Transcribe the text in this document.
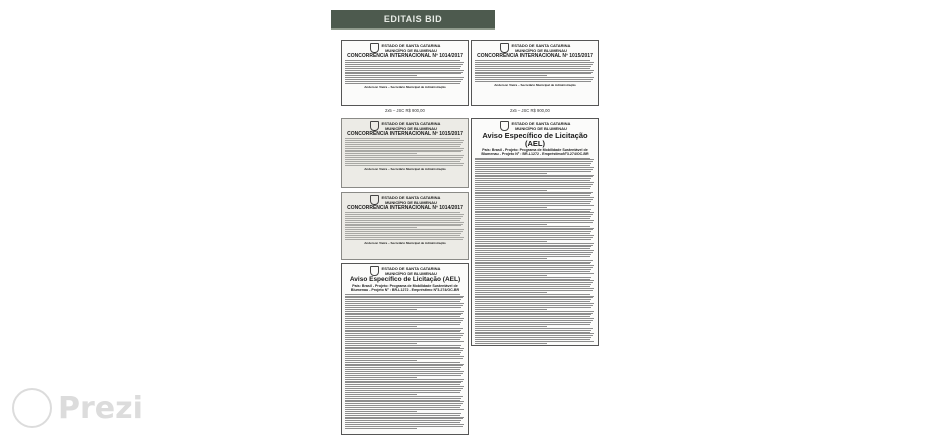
EDITAIS BID
ESTADO DE SANTA CATARINA
MUNICÍPIO DE BLUMENAU
CONCORRÊNCIA INTERNACIONAL Nº 1014/2017
Anderson Vieira – Secretário Municipal de Administração
ESTADO DE SANTA CATARINA
MUNICÍPIO DE BLUMENAU
CONCORRÊNCIA INTERNACIONAL Nº 1015/2017
Anderson Vieira – Secretário Municipal de Administração
2x5 – JSC R$ 900,00	2x5 – JSC R$ 900,00
ESTADO DE SANTA CATARINA
MUNICÍPIO DE BLUMENAU
CONCORRÊNCIA INTERNACIONAL Nº 1015/2017
Anderson Vieira – Secretário Municipal de Administração
ESTADO DE SANTA CATARINA
MUNICÍPIO DE BLUMENAU
CONCORRÊNCIA INTERNACIONAL Nº 1014/2017
Anderson Vieira – Secretário Municipal de Administração
ESTADO DE SANTA CATARINA
MUNICÍPIO DE BLUMENAU
Aviso Específico de Licitação (AEL)
País: Brasil - Projeto: Programa de Mobilidade Sustentável de Blumenau - Projeto Nº : BR-L1272 - Empréstimo Nº3.274/OC-BR
ESTADO DE SANTA CATARINA
MUNICÍPIO DE BLUMENAU
Aviso Específico de Licitação (AEL)
País: Brasil - Projeto: Programa de Mobilidade Sustentável de Blumenau - Projeto Nº : BR-L1272 - EmpréstimoNº3.274/OC-BR
Prezi
